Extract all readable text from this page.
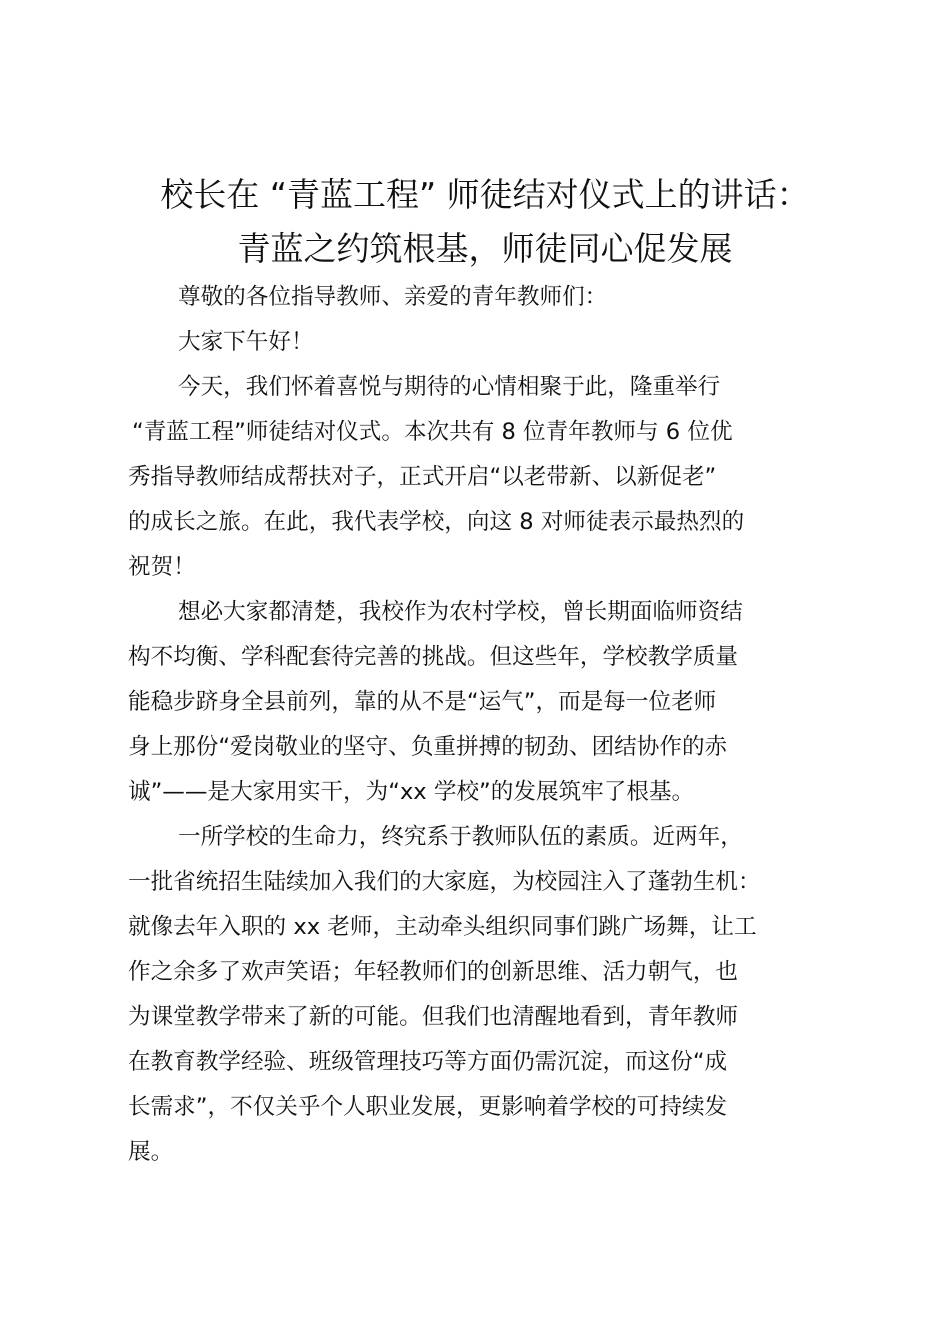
校长在 “青蓝工程” 师徒结对仪式上的讲话：
青蓝之约筑根基，师徒同心促发展

尊敬的各位指导教师、亲爱的青年教师们：

大家下午好！

今天，我们怀着喜悦与期待的心情相聚于此，隆重举行

“青蓝工程”师徒结对仪式。本次共有 8 位青年教师与 6 位优
秀指导教师结成帮扶对子，正式开启“以老带新、以新促老”
的成长之旅。在此，我代表学校，向这 8 对师徒表示最热烈的
祝贺！

想必大家都清楚，我校作为农村学校，曾长期面临师资结

构不均衡、学科配套待完善的挑战。但这些年，学校教学质量
能稳步跻身全县前列，靠的从不是“运气”，而是每一位老师
身上那份“爱岗敬业的坚守、负重拼搏的韧劲、团结协作的赤
诚”——是大家用实干，为“xx 学校”的发展筑牢了根基。

一所学校的生命力，终究系于教师队伍的素质。近两年，

一批省统招生陆续加入我们的大家庭，为校园注入了蓬勃生机：
就像去年入职的 xx 老师，主动牵头组织同事们跳广场舞，让工
作之余多了欢声笑语；年轻教师们的创新思维、活力朝气，也
为课堂教学带来了新的可能。但我们也清醒地看到，青年教师
在教育教学经验、班级管理技巧等方面仍需沉淀，而这份“成
长需求”，不仅关乎个人职业发展，更影响着学校的可持续发
展。
